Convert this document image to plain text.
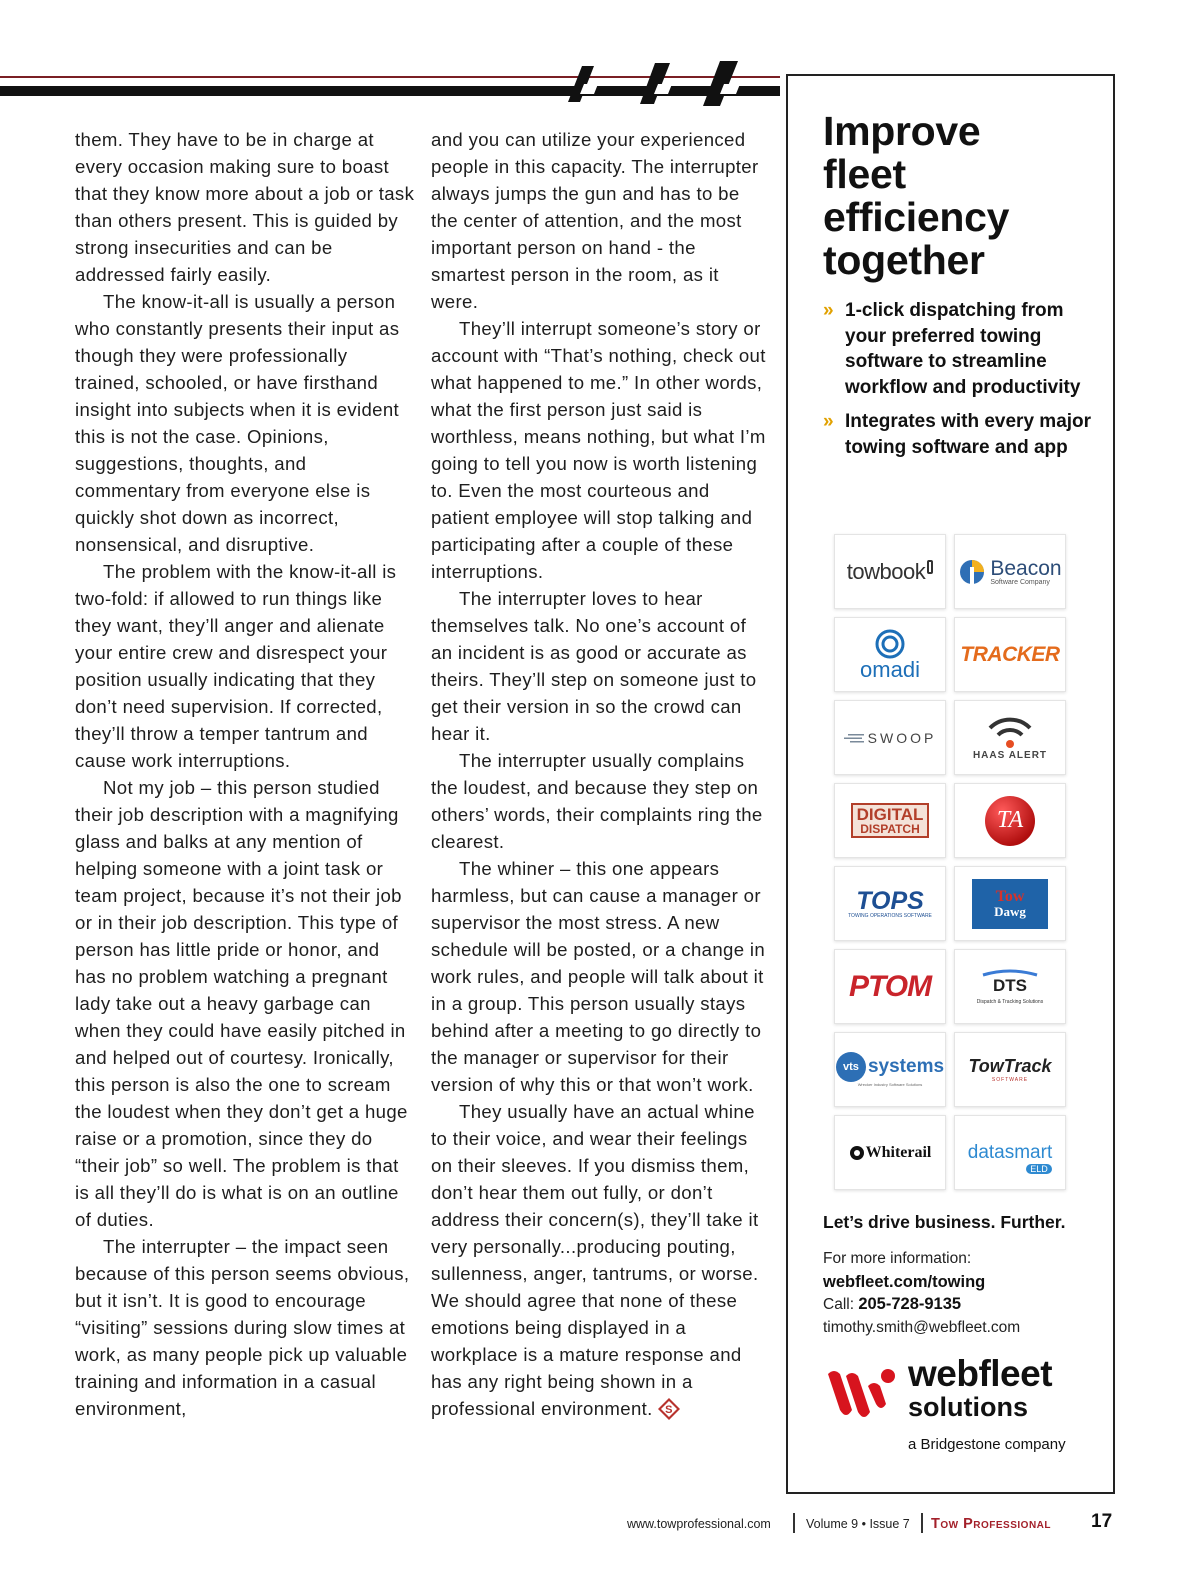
them. They have to be in charge at every occasion making sure to boast that they know more about a job or task than others present. This is guided by strong insecurities and can be addressed fairly easily.

The know-it-all is usually a person who constantly presents their input as though they were professionally trained, schooled, or have firsthand insight into subjects when it is evident this is not the case. Opinions, suggestions, thoughts, and commentary from everyone else is quickly shot down as incorrect, nonsensical, and disruptive.

The problem with the know-it-all is two-fold: if allowed to run things like they want, they’ll anger and alienate your entire crew and disrespect your position usually indicating that they don’t need supervision. If corrected, they’ll throw a temper tantrum and cause work interruptions.

Not my job – this person studied their job description with a magnifying glass and balks at any mention of helping someone with a joint task or team project, because it’s not their job or in their job description. This type of person has little pride or honor, and has no problem watching a pregnant lady take out a heavy garbage can when they could have easily pitched in and helped out of courtesy. Ironically, this person is also the one to scream the loudest when they don’t get a huge raise or a promotion, since they do “their job” so well. The problem is that is all they’ll do is what is on an outline of duties.

The interrupter – the impact seen because of this person seems obvious, but it isn’t. It is good to encourage “visiting” sessions during slow times at work, as many people pick up valuable training and information in a casual environment,

and you can utilize your experienced people in this capacity. The interrupter always jumps the gun and has to be the center of attention, and the most important person on hand - the smartest person in the room, as it were.

They’ll interrupt someone’s story or account with “That’s nothing, check out what happened to me.” In other words, what the first person just said is worthless, means nothing, but what I’m going to tell you now is worth listening to. Even the most courteous and patient employee will stop talking and participating after a couple of these interruptions.

The interrupter loves to hear themselves talk. No one’s account of an incident is as good or accurate as theirs. They’ll step on someone just to get their version in so the crowd can hear it.

The interrupter usually complains the loudest, and because they step on others’ words, their complaints ring the clearest.

The whiner – this one appears harmless, but can cause a manager or supervisor the most stress. A new schedule will be posted, or a change in work rules, and people will talk about it in a group. This person usually stays behind after a meeting to go directly to the manager or supervisor for their version of why this or that won’t work.

They usually have an actual whine to their voice, and wear their feelings on their sleeves. If you dismiss them, don’t hear them out fully, or don’t address their concern(s), they’ll take it very personally...producing pouting, sullenness, anger, tantrums, or worse. We should agree that none of these emotions being displayed in a workplace is a mature response and has any right being shown in a professional environment. S

Improve
fleet
efficiency
together
» 1-click dispatching from your preferred towing software to streamline workflow and productivity
» Integrates with every major towing software and app
towbook	Beacon
Software Company
omadi
TRACKER
SWOOP
HAAS ALERT
DIGITAL
DISPATCH	TA
TOPS
TOWING OPERATIONS SOFTWARE
Tow
Dawg
PTOM	DTS
Dispatch & Tracking Solutions
vts systems
Wrecker Industry Software Solutions
TowTrack
SOFTWARE
Whiterail datasmart
ELD
Let’s drive business. Further.
For more information:
webfleet.com/towing
Call: 205-728-9135
timothy.smith@webfleet.com
webfleet
solutions
a Bridgestone company
www.towprofessional.com	Volume 9 • Issue 7 Tow Professional 17
